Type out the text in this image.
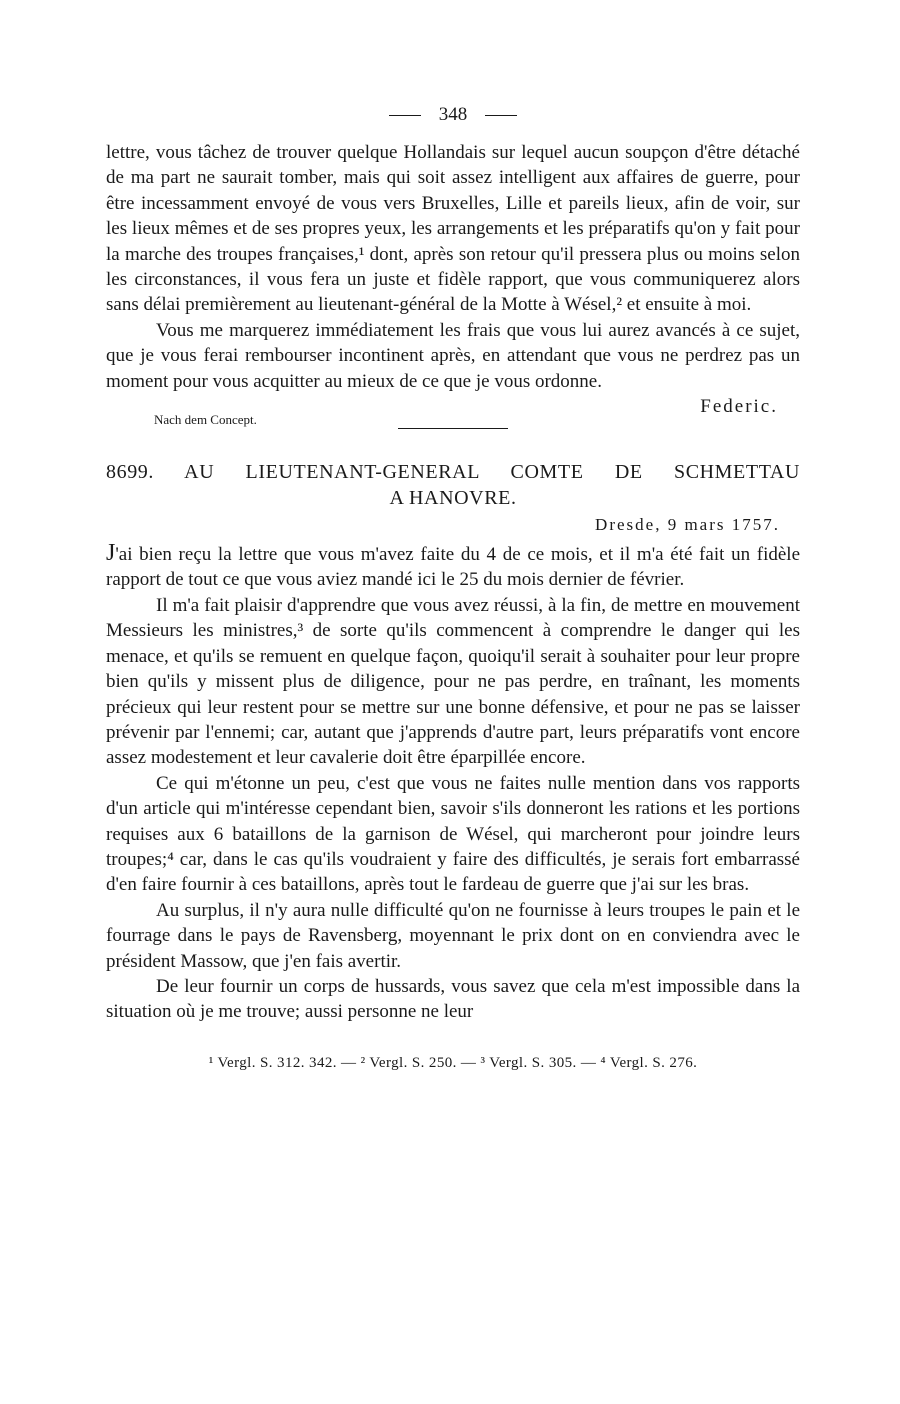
348

lettre, vous tâchez de trouver quelque Hollandais sur lequel aucun soupçon d'être détaché de ma part ne saurait tomber, mais qui soit assez intelligent aux affaires de guerre, pour être incessamment envoyé de vous vers Bruxelles, Lille et pareils lieux, afin de voir, sur les lieux mêmes et de ses propres yeux, les arrangements et les préparatifs qu'on y fait pour la marche des troupes françaises,¹ dont, après son retour qu'il pressera plus ou moins selon les circonstances, il vous fera un juste et fidèle rapport, que vous communiquerez alors sans délai premièrement au lieutenant-général de la Motte à Wésel,² et ensuite à moi.

Vous me marquerez immédiatement les frais que vous lui aurez avancés à ce sujet, que je vous ferai rembourser incontinent après, en attendant que vous ne perdrez pas un moment pour vous acquitter au mieux de ce que je vous ordonne.

Nach dem Concept.
Federic.
8699. AU LIEUTENANT-GENERAL COMTE DE SCHMETTAU
A HANOVRE.
Dresde, 9 mars 1757.

J'ai bien reçu la lettre que vous m'avez faite du 4 de ce mois, et il m'a été fait un fidèle rapport de tout ce que vous aviez mandé ici le 25 du mois dernier de février.

Il m'a fait plaisir d'apprendre que vous avez réussi, à la fin, de mettre en mouvement Messieurs les ministres,³ de sorte qu'ils commencent à comprendre le danger qui les menace, et qu'ils se remuent en quelque façon, quoiqu'il serait à souhaiter pour leur propre bien qu'ils y missent plus de diligence, pour ne pas perdre, en traînant, les moments précieux qui leur restent pour se mettre sur une bonne défensive, et pour ne pas se laisser prévenir par l'ennemi; car, autant que j'apprends d'autre part, leurs préparatifs vont encore assez modestement et leur cavalerie doit être éparpillée encore.

Ce qui m'étonne un peu, c'est que vous ne faites nulle mention dans vos rapports d'un article qui m'intéresse cependant bien, savoir s'ils donneront les rations et les portions requises aux 6 bataillons de la garnison de Wésel, qui marcheront pour joindre leurs troupes;⁴ car, dans le cas qu'ils voudraient y faire des difficultés, je serais fort embarrassé d'en faire fournir à ces bataillons, après tout le fardeau de guerre que j'ai sur les bras.

Au surplus, il n'y aura nulle difficulté qu'on ne fournisse à leurs troupes le pain et le fourrage dans le pays de Ravensberg, moyennant le prix dont on en conviendra avec le président Massow, que j'en fais avertir.

De leur fournir un corps de hussards, vous savez que cela m'est impossible dans la situation où je me trouve; aussi personne ne leur

¹ Vergl. S. 312. 342. — ² Vergl. S. 250. — ³ Vergl. S. 305. — ⁴ Vergl. S. 276.
